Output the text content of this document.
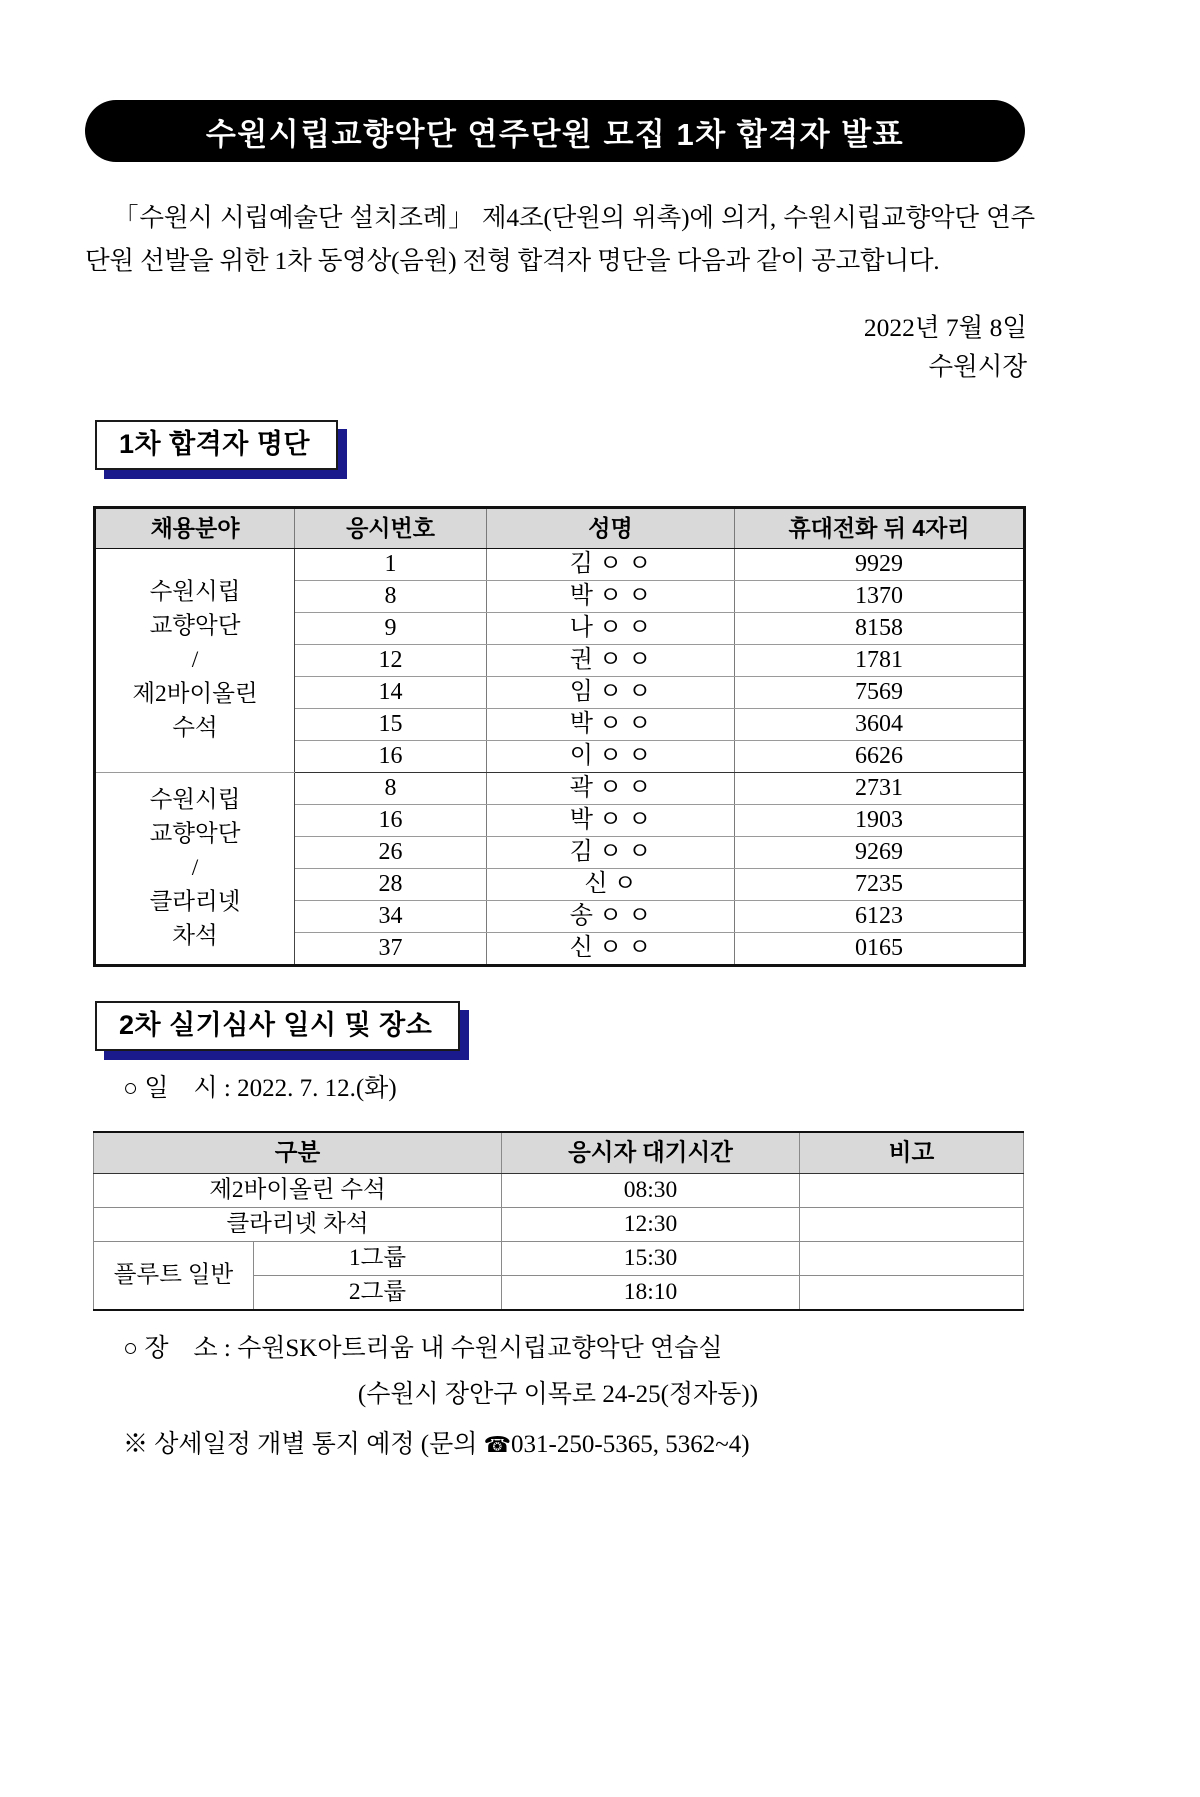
수원시립교향악단 연주단원 모집 1차 합격자 발표

「수원시 시립예술단 설치조례」 제4조(단원의 위촉)에 의거, 수원시립교향악단 연주단원 선발을 위한 1차 동영상(음원) 전형 합격자 명단을 다음과 같이 공고합니다.

2022년 7월 8일
수원시장
1차 합격자 명단
채용분야	응시번호	성명	휴대전화 뒤 4자리
수원시립
교향악단
/
제2바이올린
수석	1	김 ㅇ ㅇ	9929
	8	박 ㅇ ㅇ	1370
	9	나 ㅇ ㅇ	8158
	12	권 ㅇ ㅇ	1781
	14	임 ㅇ ㅇ	7569
	15	박 ㅇ ㅇ	3604
	16	이 ㅇ ㅇ	6626
수원시립
교향악단
/
클라리넷
차석	8	곽 ㅇ ㅇ	2731
	16	박 ㅇ ㅇ	1903
	26	김 ㅇ ㅇ	9269
	28	신 ㅇ	7235
	34	송 ㅇ ㅇ	6123
	37	신 ㅇ ㅇ	0165
2차 실기심사 일시 및 장소
○ 일    시 : 2022. 7. 12.(화)
구분		응시자 대기시간	비고
제2바이올린 수석		08:30	
클라리넷 차석		12:30	
플루트 일반	1그룹	15:30	
	2그룹	18:10	
○ 장    소 : 수원SK아트리움 내 수원시립교향악단 연습실
(수원시 장안구 이목로 24-25(정자동))
※ 상세일정 개별 통지 예정 (문의 ☎031-250-5365, 5362~4)
